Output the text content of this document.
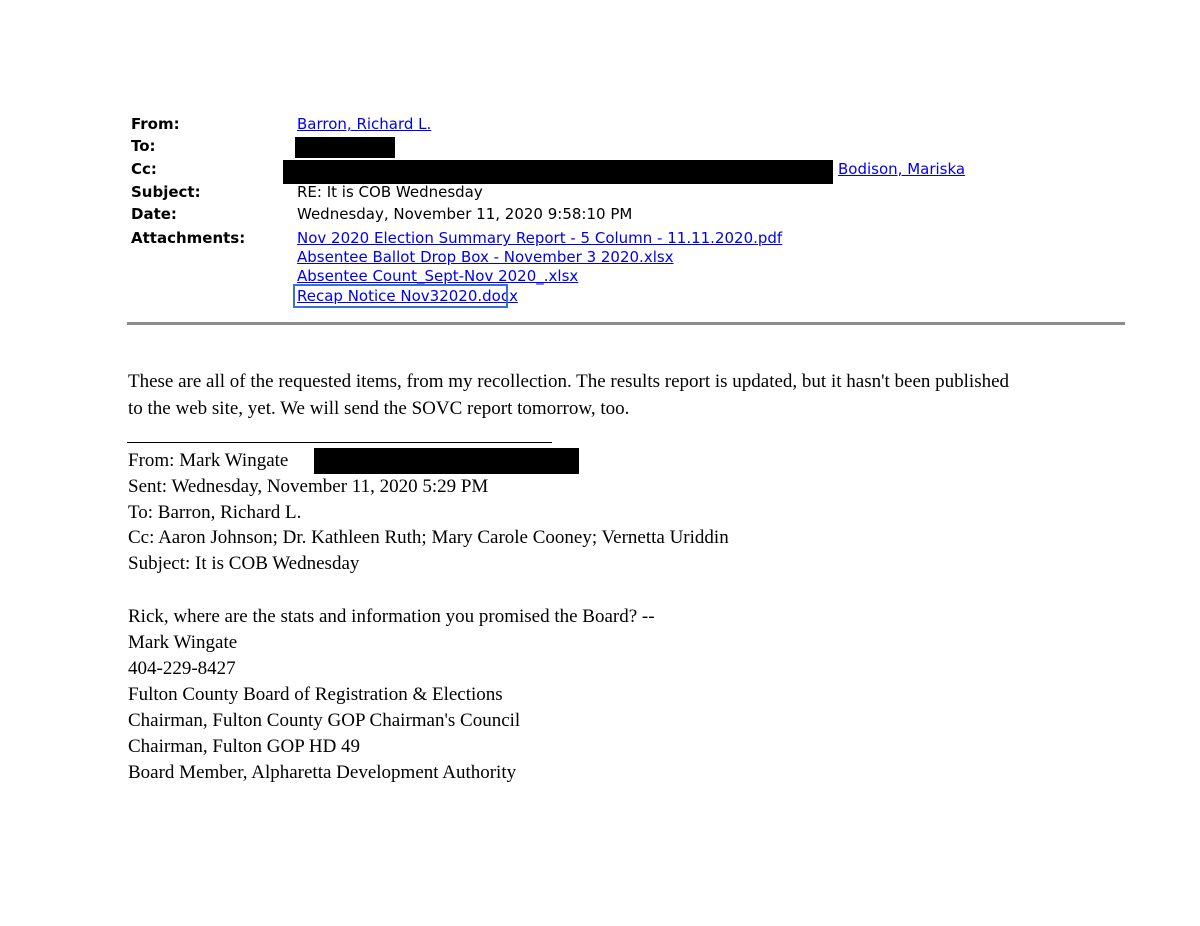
From:
To:
Cc:
Subject:
Date:
Attachments:
Barron, Richard L.
Bodison, Mariska
RE: It is COB Wednesday
Wednesday, November 11, 2020 9:58:10 PM
Nov 2020 Election Summary Report - 5 Column - 11.11.2020.pdf
Absentee Ballot Drop Box - November 3 2020.xlsx
Absentee Count_Sept-Nov 2020_.xlsx
Recap Notice Nov32020.docx
These are all of the requested items, from my recollection. The results report is updated, but it hasn't been published
to the web site, yet. We will send the SOVC report tomorrow, too.
From: Mark Wingate
Sent: Wednesday, November 11, 2020 5:29 PM
To: Barron, Richard L.
Cc: Aaron Johnson; Dr. Kathleen Ruth; Mary Carole Cooney; Vernetta Uriddin
Subject: It is COB Wednesday
Rick, where are the stats and information you promised the Board? --
Mark Wingate
404-229-8427
Fulton County Board of Registration & Elections
Chairman, Fulton County GOP Chairman's Council
Chairman, Fulton GOP HD 49
Board Member, Alpharetta Development Authority
